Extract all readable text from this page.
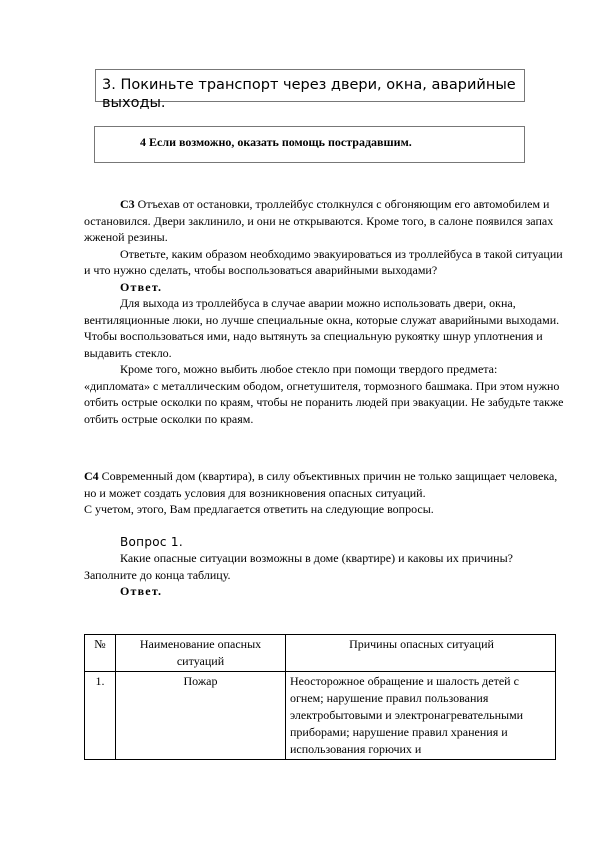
3. Покиньте транспорт через двери, окна, аварийные выходы.
4 Если возможно, оказать помощь пострадавшим.

С3 Отъехав от остановки, троллейбус столкнулся с обгоняющим его автомобилем и остановился. Двери заклинило, и они не открываются. Кроме того, в салоне появился запах жженой резины.

Ответьте, каким образом необходимо эвакуироваться из троллейбуса в такой ситуации и что нужно сделать, чтобы воспользоваться аварийными выходами?

Ответ.

Для выхода из троллейбуса в случае аварии можно использовать двери, окна, вентиляционные люки, но лучше специальные окна, которые служат аварийными выходами. Чтобы воспользоваться ими, надо вытянуть за специальную рукоятку шнур уплотнения и выдавить стекло.

Кроме того, можно выбить любое стекло при помощи твердого предмета: «дипломата» с металлическим ободом, огнетушителя, тормозного башмака. При этом нужно отбить острые осколки по краям, чтобы не поранить людей при эвакуации. Не забудьте также отбить острые осколки по краям.

С4 Современный дом (квартира), в силу объективных причин не только защищает человека, но и может создать условия для возникновения опасных ситуаций.

С учетом, этого, Вам предлагается ответить на следующие вопросы.

Вопрос 1.

Какие опасные ситуации возможны в доме (квартире) и каковы их причины? Заполните до конца таблицу.

Ответ.

№	Наименование опасных ситуаций	Причины опасных ситуаций
1.	Пожар	Неосторожное обращение и шалость детей с огнем; нарушение правил пользования электробытовыми и электронагревательными приборами; нарушение правил хранения и использования горючих и
